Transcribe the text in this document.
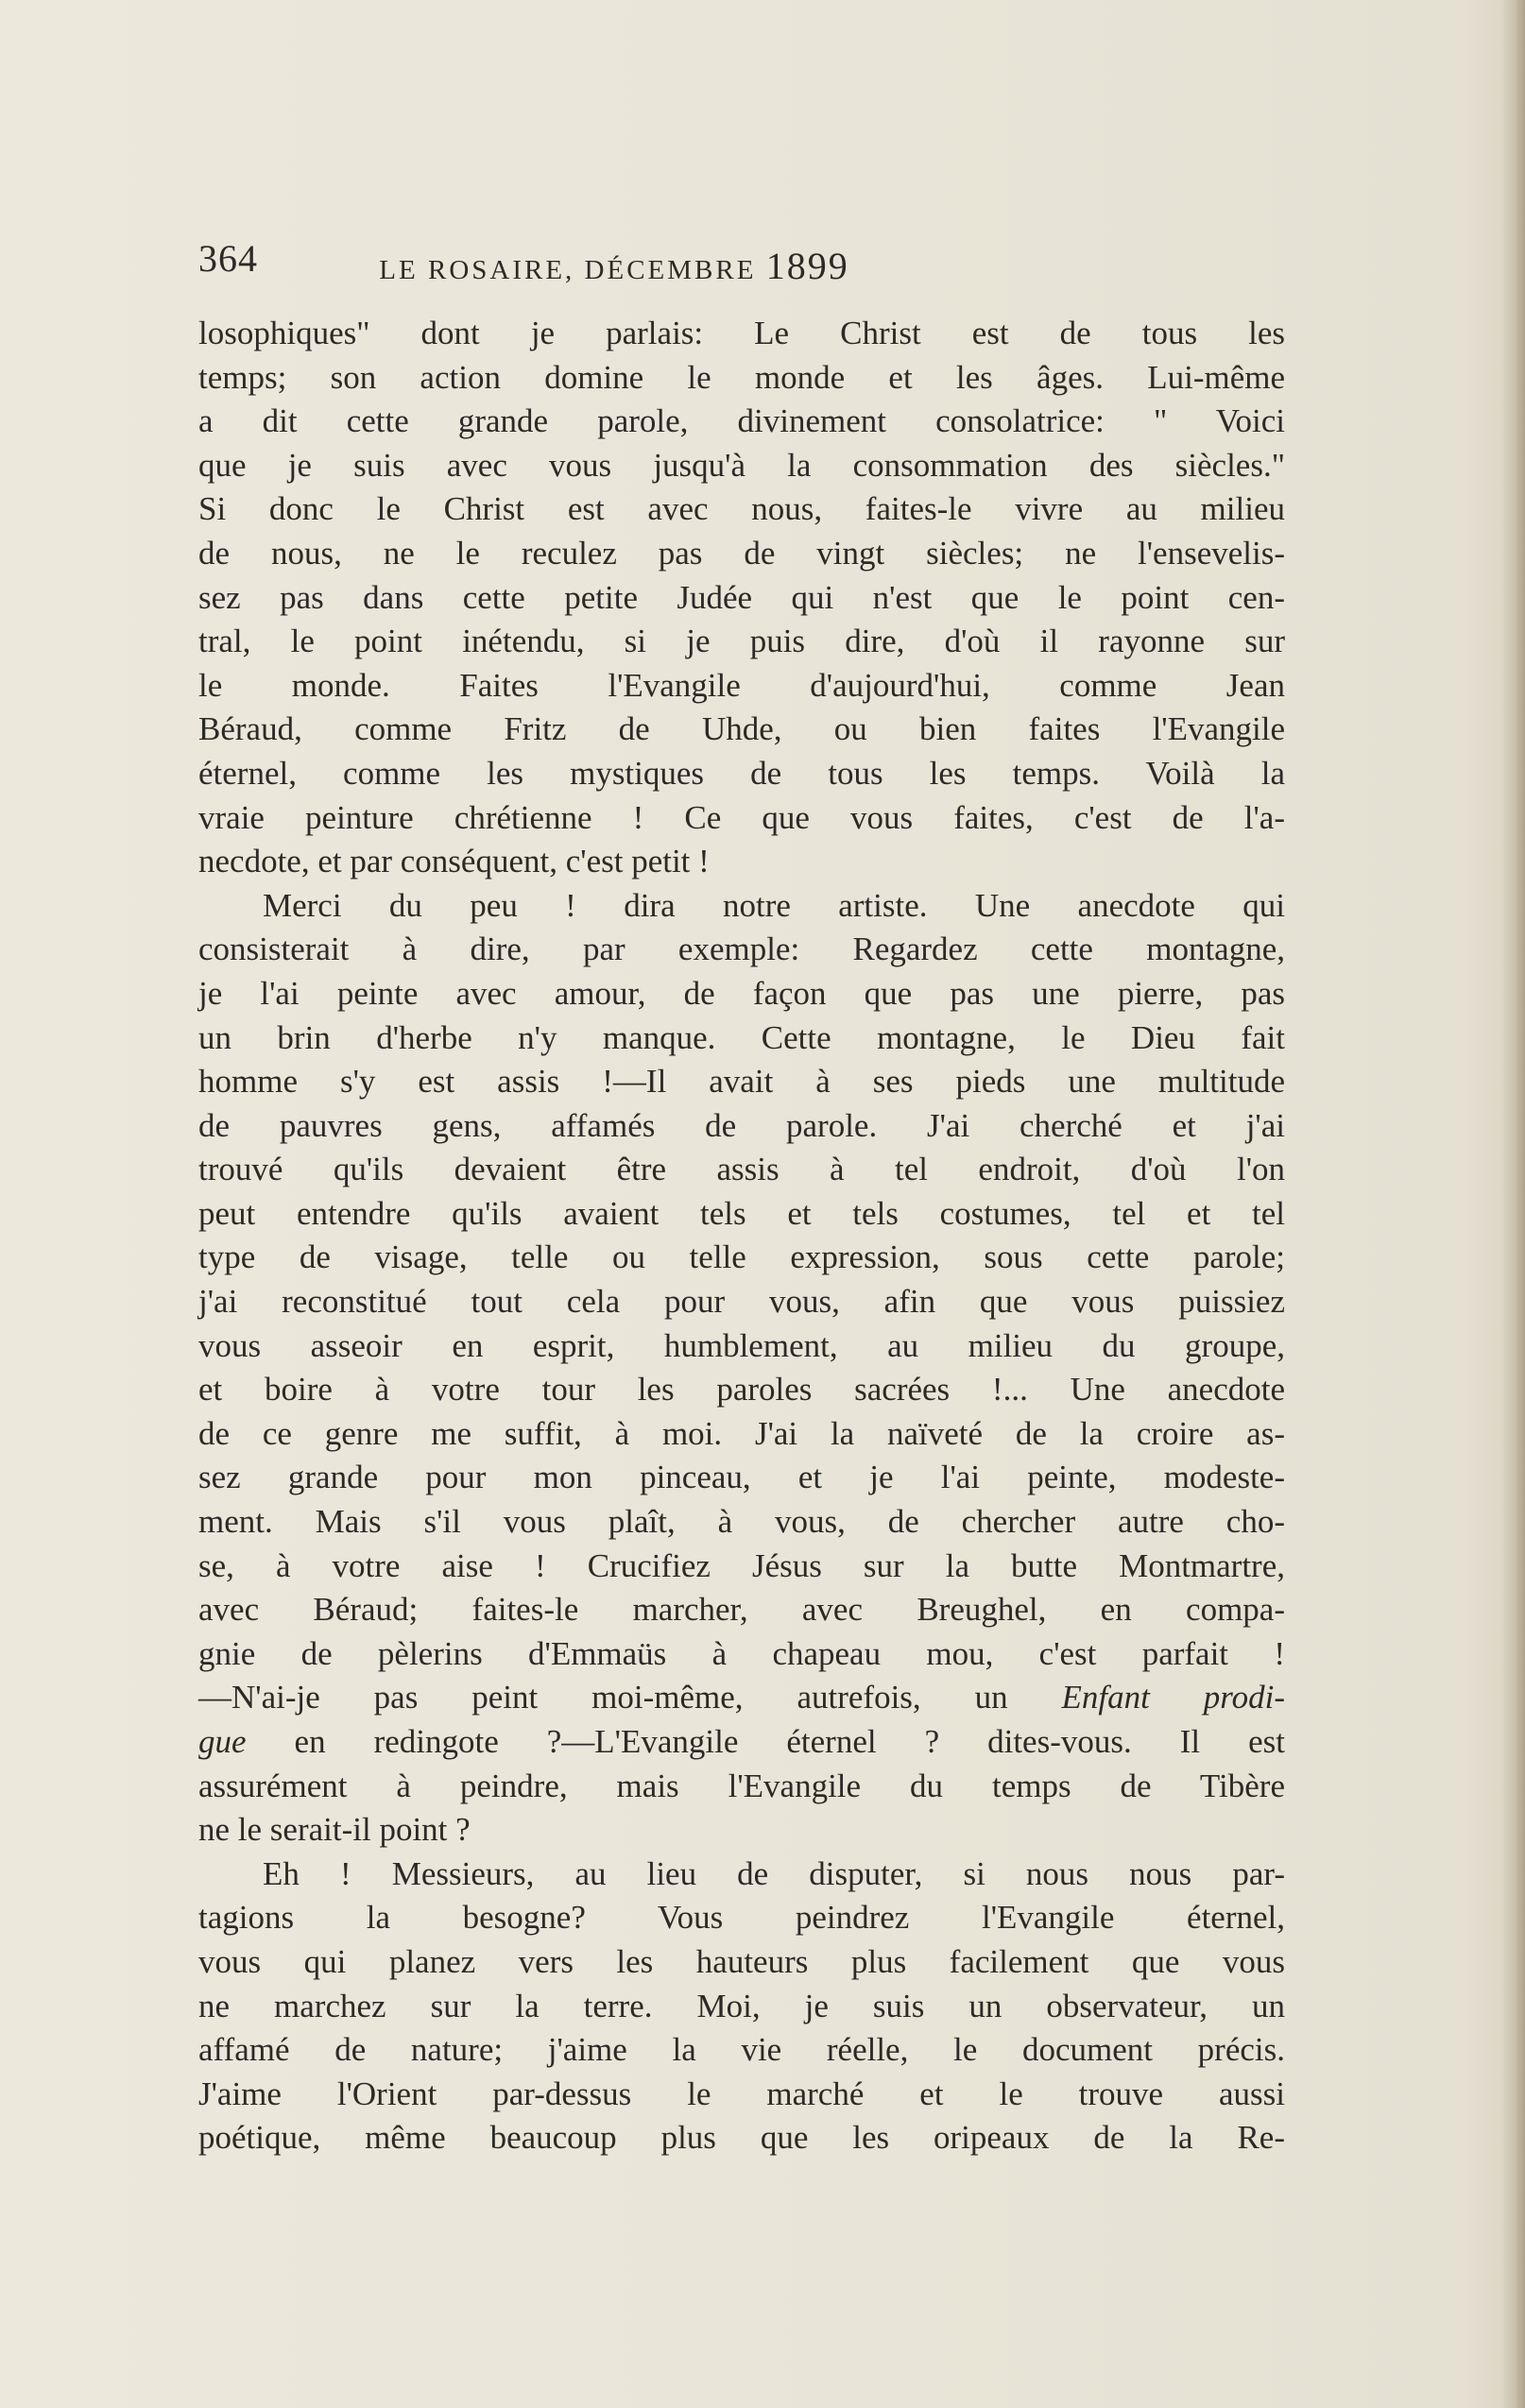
364	LE ROSAIRE, DÉCEMBRE 1899
losophiques" dont je parlais: Le Christ est de tous les
temps; son action domine le monde et les âges. Lui-même
a dit cette grande parole, divinement consolatrice: " Voici
que je suis avec vous jusqu'à la consommation des siècles."
Si donc le Christ est avec nous, faites-le vivre au milieu
de nous, ne le reculez pas de vingt siècles; ne l'ensevelis-
sez pas dans cette petite Judée qui n'est que le point cen-
tral, le point inétendu, si je puis dire, d'où il rayonne sur
le monde. Faites l'Evangile d'aujourd'hui, comme Jean
Béraud, comme Fritz de Uhde, ou bien faites l'Evangile
éternel, comme les mystiques de tous les temps. Voilà la
vraie peinture chrétienne ! Ce que vous faites, c'est de l'a-
necdote, et par conséquent, c'est petit !
Merci du peu ! dira notre artiste. Une anecdote qui
consisterait à dire, par exemple: Regardez cette montagne,
je l'ai peinte avec amour, de façon que pas une pierre, pas
un brin d'herbe n'y manque. Cette montagne, le Dieu fait
homme s'y est assis !—Il avait à ses pieds une multitude
de pauvres gens, affamés de parole. J'ai cherché et j'ai
trouvé qu'ils devaient être assis à tel endroit, d'où l'on
peut entendre qu'ils avaient tels et tels costumes, tel et tel
type de visage, telle ou telle expression, sous cette parole;
j'ai reconstitué tout cela pour vous, afin que vous puissiez
vous asseoir en esprit, humblement, au milieu du groupe,
et boire à votre tour les paroles sacrées !... Une anecdote
de ce genre me suffit, à moi. J'ai la naïveté de la croire as-
sez grande pour mon pinceau, et je l'ai peinte, modeste-
ment. Mais s'il vous plaît, à vous, de chercher autre cho-
se, à votre aise ! Crucifiez Jésus sur la butte Montmartre,
avec Béraud; faites-le marcher, avec Breughel, en compa-
gnie de pèlerins d'Emmaüs à chapeau mou, c'est parfait !
—N'ai-je pas peint moi-même, autrefois, un Enfant prodi-
gue en redingote ?—L'Evangile éternel ? dites-vous. Il est
assurément à peindre, mais l'Evangile du temps de Tibère
ne le serait-il point ?
Eh ! Messieurs, au lieu de disputer, si nous nous par-
tagions la besogne? Vous peindrez l'Evangile éternel,
vous qui planez vers les hauteurs plus facilement que vous
ne marchez sur la terre. Moi, je suis un observateur, un
affamé de nature; j'aime la vie réelle, le document précis.
J'aime l'Orient par-dessus le marché et le trouve aussi
poétique, même beaucoup plus que les oripeaux de la Re-
